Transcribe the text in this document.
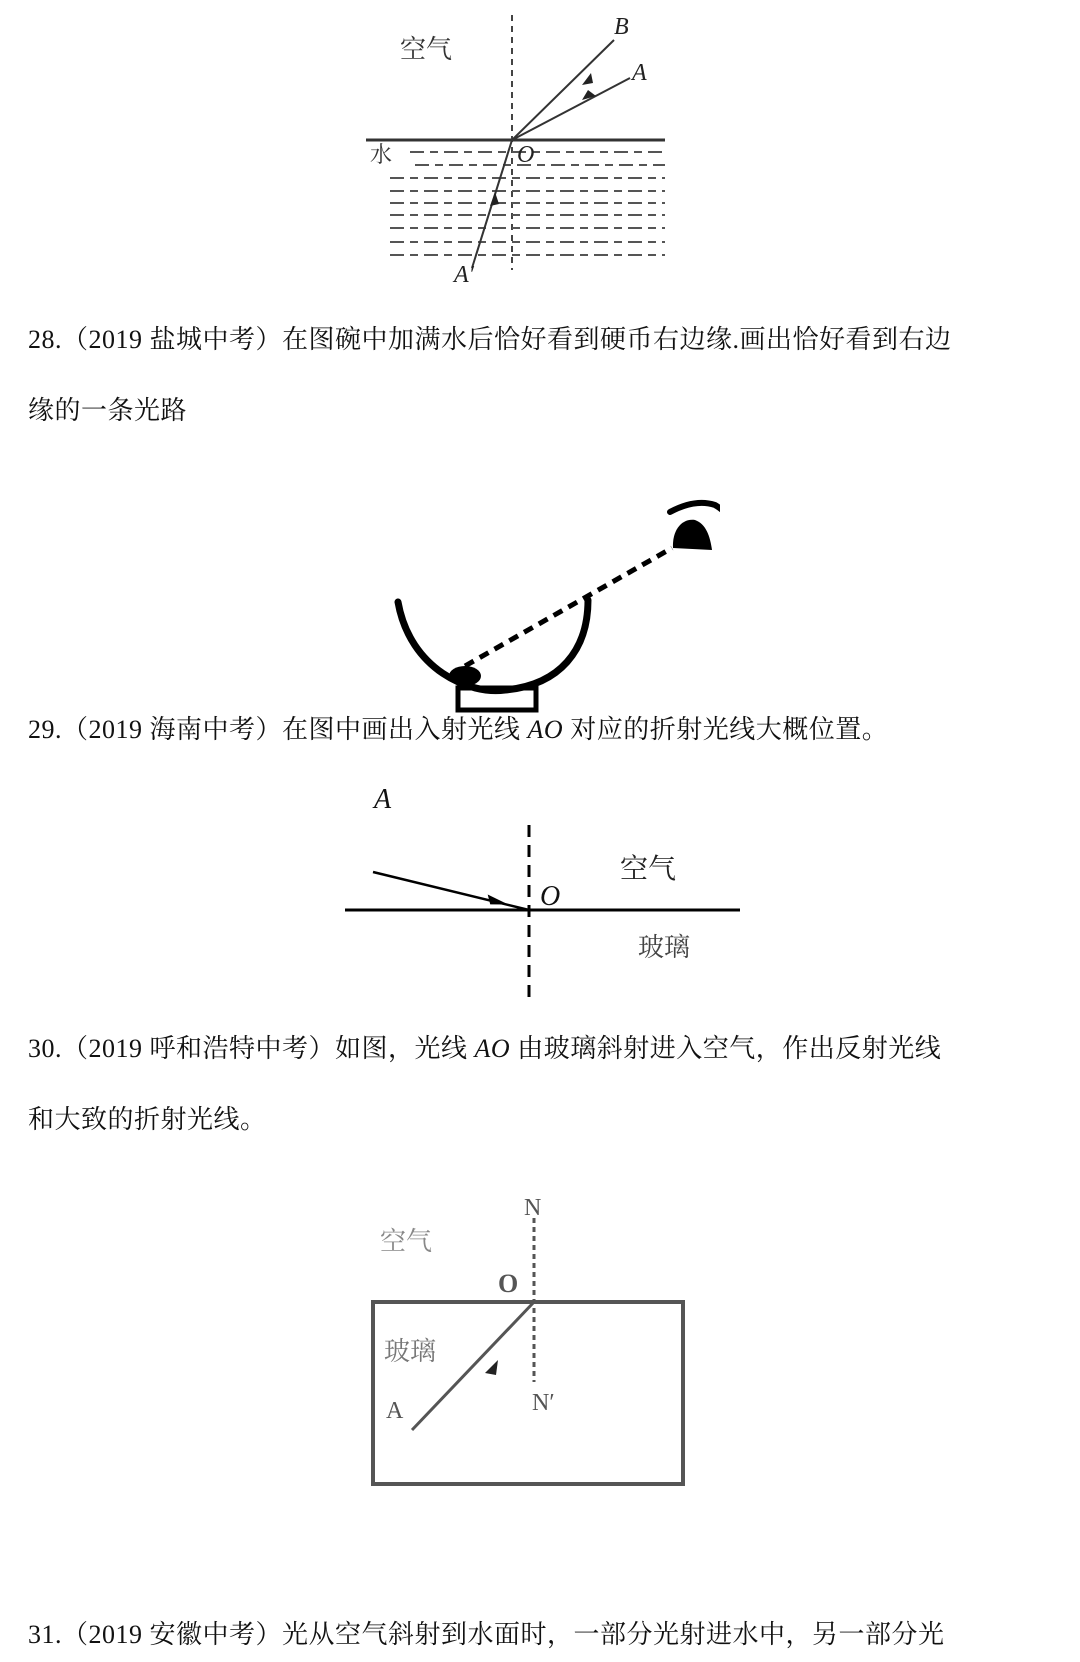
空气
水	O
B
A
A′
28.（2019 盐城中考）在图碗中加满水后恰好看到硬币右边缘.画出恰好看到右边
缘的一条光路
29.（2019 海南中考）在图中画出入射光线 AO 对应的折射光线大概位置。
A
O
空气
玻璃
30.（2019 呼和浩特中考）如图，光线 AO 由玻璃斜射进入空气，作出反射光线
和大致的折射光线。
N
N′
O
A
空气
玻璃
31.（2019 安徽中考）光从空气斜射到水面时，一部分光射进水中，另一部分光
